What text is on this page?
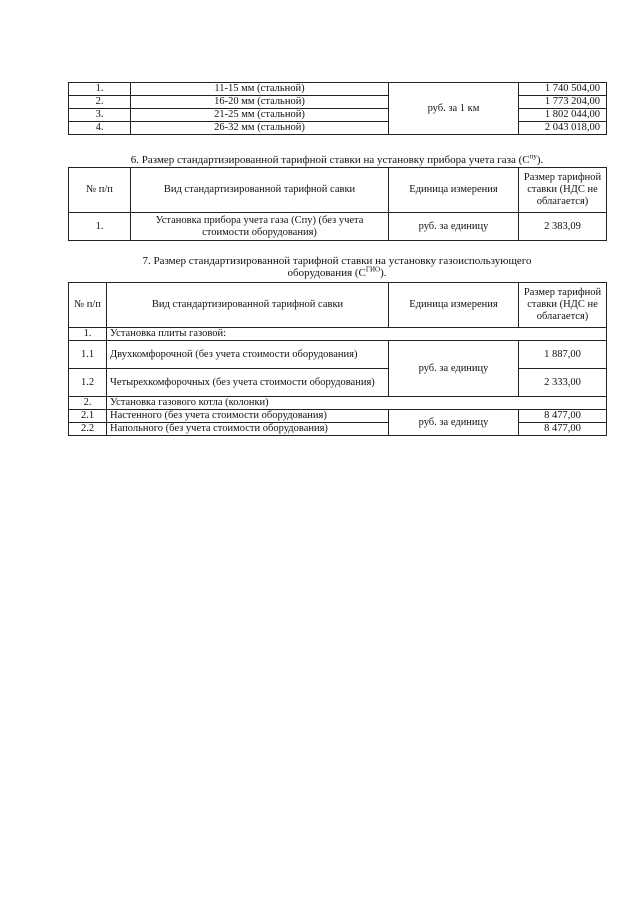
1.	11-15 мм (стальной)	руб. за 1 км	1 740 504,00
2.	16-20 мм (стальной)		1 773 204,00
3.	21-25 мм (стальной)		1 802 044,00
4.	26-32 мм (стальной)		2 043 018,00
6. Размер стандартизированной тарифной ставки на установку прибора учета газа $(С^{пу})$.
№ п/п	Вид стандартизированной тарифной савки	Единица измерения	Размер тарифной ставки (НДС не облагается)
1.	Установка прибора учета газа (Спу) (без учета стоимости оборудования)	руб. за единицу	2 383,09
7. Размер стандартизированной тарифной ставки на установку газоиспользующего
оборудования $(С^{ГИО})$.
№ п/п	Вид стандартизированной тарифной савки	Единица измерения	Размер тарифной ставки (НДС не облагается)
1.	Установка плиты газовой:		
1.1	Двухкомфорочной (без учета стоимости оборудования)	руб. за единицу	1 887,00
1.2	Четырехкомфорочных (без учета стоимости оборудования)		2 333,00
2.	Установка газового котла (колонки)		
2.1	Настенного (без учета стоимости оборудования)	руб. за единицу	8 477,00
2.2	Напольного (без учета стоимости оборудования)		8 477,00
